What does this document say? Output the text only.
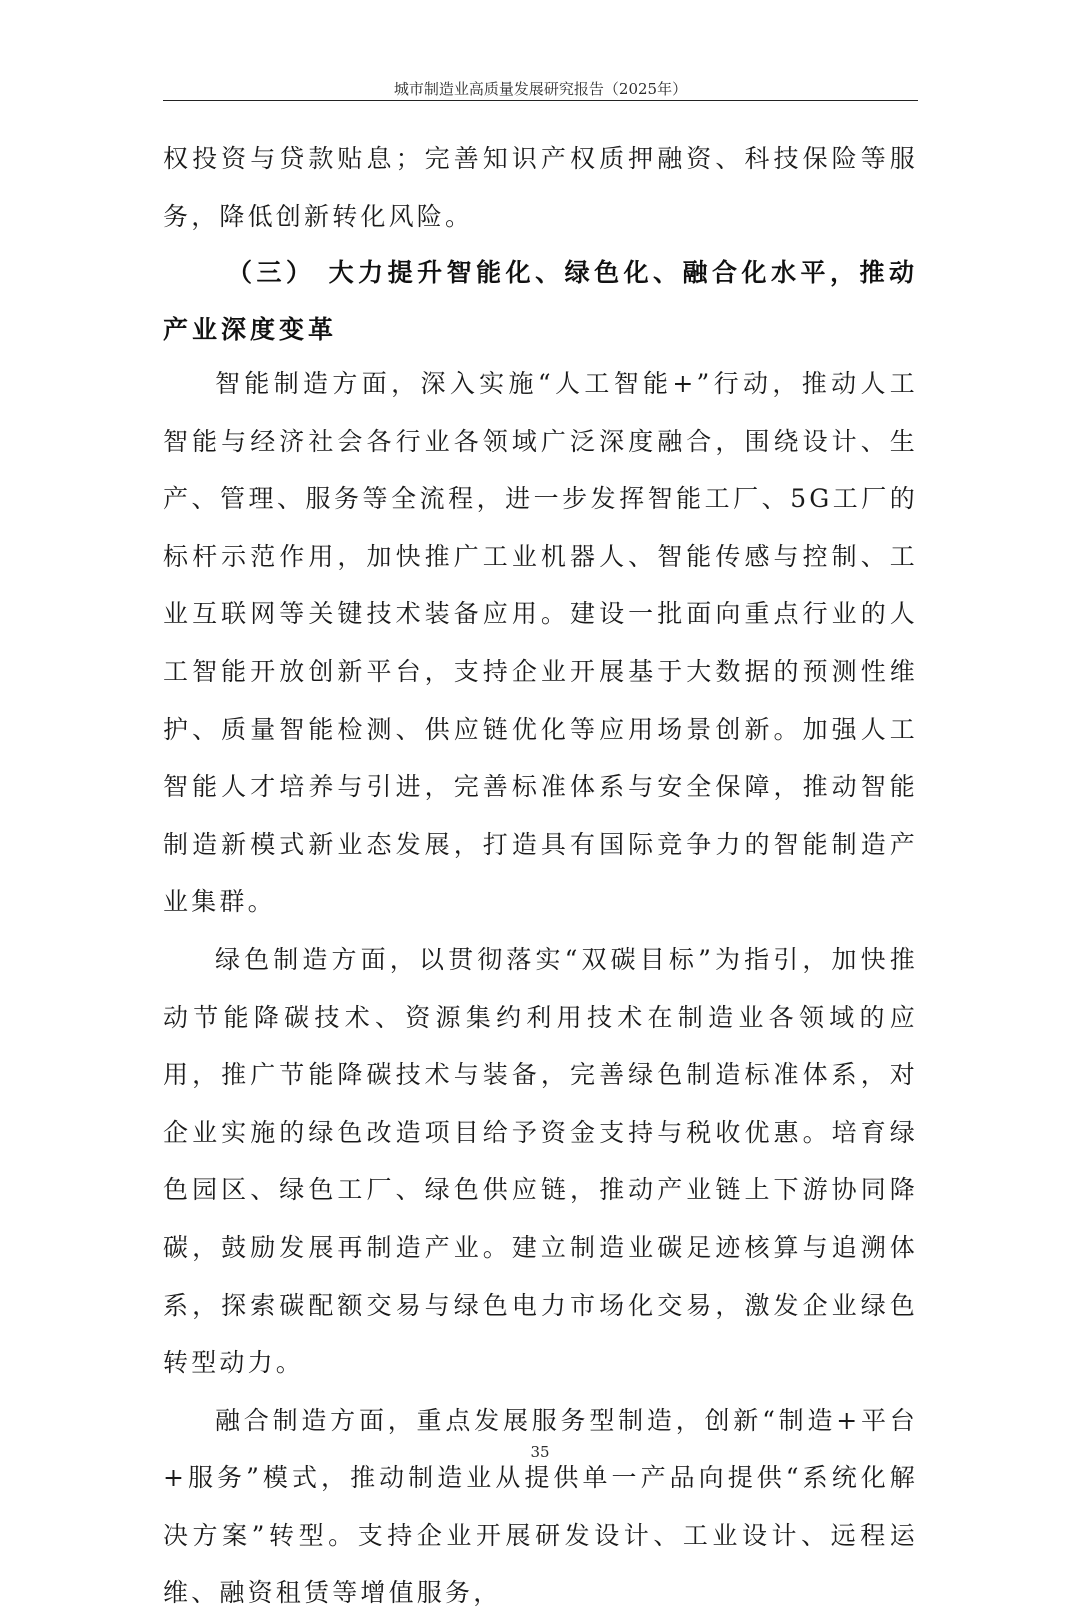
城市制造业高质量发展研究报告（2025年）

权投资与贷款贴息；完善知识产权质押融资、科技保险等服务，降低创新转化风险。

（三） 大力提升智能化、绿色化、融合化水平，推动产业深度变革

智能制造方面，深入实施“人工智能+”行动，推动人工智能与经济社会各行业各领域广泛深度融合，围绕设计、生产、管理、服务等全流程，进一步发挥智能工厂、5G工厂的标杆示范作用，加快推广工业机器人、智能传感与控制、工业互联网等关键技术装备应用。建设一批面向重点行业的人工智能开放创新平台，支持企业开展基于大数据的预测性维护、质量智能检测、供应链优化等应用场景创新。加强人工智能人才培养与引进，完善标准体系与安全保障，推动智能制造新模式新业态发展，打造具有国际竞争力的智能制造产业集群。

绿色制造方面，以贯彻落实“双碳目标”为指引，加快推动节能降碳技术、资源集约利用技术在制造业各领域的应用，推广节能降碳技术与装备，完善绿色制造标准体系，对企业实施的绿色改造项目给予资金支持与税收优惠。培育绿色园区、绿色工厂、绿色供应链，推动产业链上下游协同降碳，鼓励发展再制造产业。建立制造业碳足迹核算与追溯体系，探索碳配额交易与绿色电力市场化交易，激发企业绿色转型动力。

融合制造方面，重点发展服务型制造，创新“制造+平台+服务”模式，推动制造业从提供单一产品向提供“系统化解决方案”转型。支持企业开展研发设计、工业设计、远程运维、融资租赁等增值服务，

35
